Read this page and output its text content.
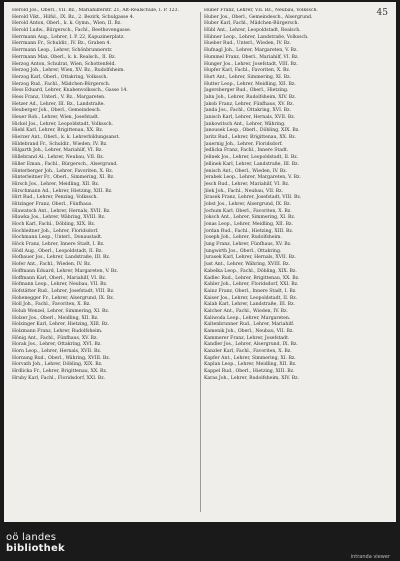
45
Herold Jos., Oberl., VII. Bz., Mariahilferstr. 21, Alt-Realschule, I. P. 123.
Herold Vikt., Hilfsl., IX. Bz., 2. Bezirk, Schulgasse 4.
Herold Anton, Oberl., k. k. Gymn., Wien, II. Bz.
Herold Ludw., Bürgersch., Fachl., Beethovengasse.
Herrmann Aug., Lehrer, I. P. 22, Kapuzinerplatz.
Herrmann Fr., Schuldir., IV. Bz., Graben 4.
Herrmann Leop., Lehrer, Schönbrunnerstr.
Herrmann Max, Oberl., k. k. Realsch., II. Bz.
Herzog Anton, Schulrat, Wien, Schottenfeld.
Herzog Joh., Lehrer, Wien, XV. Bz., Rudolfsheim.
Herzog Karl, Oberl., Ottakring, Volkssch.
Herzog Rud., Fachl., Mädchen-Bürgersch.
Hess Eduard, Lehrer, Knabenvolkssch., Gasse 14.
Hess Franz, Unterl., V. Bz., Margareten.
Hetzer Ad., Lehrer, III. Bz., Landstraße.
Heuberger Joh., Oberl., Gemeindesch.
Heuer Rob., Lehrer, Wien, Josefstadt.
Hickel Jos., Lehrer, Leopoldstadt, Volkssch.
Hiebl Karl, Lehrer, Brigittenau, XX. Bz.
Hierzer Ant., Oberl., k. k. Lehrerbildungsanst.
Hildebrand Fr., Schuldir., Wieden, IV. Bz.
Hilgarth Joh., Lehrer, Mariahilf, VI. Bz.
Hillebrand Al., Lehrer, Neubau, VII. Bz.
Hiller Eman., Fachl., Bürgersch., Alsergrund.
Hinterberger Joh., Lehrer, Favoriten, X. Bz.
Hinterleitner Fr., Oberl., Simmering, XI. Bz.
Hirsch Jos., Lehrer, Meidling, XII. Bz.
Hirschmann Ad., Lehrer, Hietzing, XIII. Bz.
Hirt Rud., Lehrer, Penzing, Volkssch.
Hitzinger Franz, Oberl., Fünfhaus.
Hlawatsch Ant., Lehrer, Hernals, XVII. Bz.
Hlawka Jos., Lehrer, Währing, XVIII. Bz.
Hoch Karl, Fachl., Döbling, XIX. Bz.
Hochleitner Joh., Lehrer, Floridsdorf.
Hochmann Leop., Unterl., Donaustadt.
Höck Franz, Lehrer, Innere Stadt, I. Bz.
Hödl Aug., Oberl., Leopoldstadt, II. Bz.
Hofbauer Jos., Lehrer, Landstraße, III. Bz.
Hofer Ant., Fachl., Wieden, IV. Bz.
Hoffmann Eduard, Lehrer, Margareten, V. Bz.
Hoffmann Karl, Oberl., Mariahilf, VI. Bz.
Hofmann Leop., Lehrer, Neubau, VII. Bz.
Hofstätter Rud., Lehrer, Josefstadt, VIII. Bz.
Hohenegger Fr., Lehrer, Alsergrund, IX. Bz.
Holl Joh., Fachl., Favoriten, X. Bz.
Holub Wenzel, Lehrer, Simmering, XI. Bz.
Holzer Jos., Oberl., Meidling, XII. Bz.
Holzinger Karl, Lehrer, Hietzing, XIII. Bz.
Holzmann Franz, Lehrer, Rudolfsheim.
Hönig Ant., Fachl., Fünfhaus, XV. Bz.
Horak Jos., Lehrer, Ottakring, XVI. Bz.
Horn Leop., Lehrer, Hernals, XVII. Bz.
Hornung Rud., Oberl., Währing, XVIII. Bz.
Horvath Joh., Lehrer, Döbling, XIX. Bz.
Hrdlicka Fr., Lehrer, Brigittenau, XX. Bz.
Hruby Karl, Fachl., Floridsdorf, XXI. Bz.
Huber Franz, Lehrer, VII. Bz., Neubau, Volkssch.
Huber Jos., Oberl., Gemeindesch., Alsergrund.
Huber Karl, Fachl., Mädchen-Bürgersch.
Hübl Ant., Lehrer, Leopoldstadt, Realsch.
Hübner Leop., Lehrer, Landstraße, Volkssch.
Hueber Rud., Unterl., Wieden, IV. Bz.
Hufnagl Joh., Lehrer, Margareten, V. Bz.
Hummel Franz, Oberl., Mariahilf, VI. Bz.
Hunger Jos., Lehrer, Josefstadt, VIII. Bz.
Hupfer Karl, Fachl., Favoriten, X. Bz.
Hurt Ant., Lehrer, Simmering, XI. Bz.
Hutter Leop., Lehrer, Meidling, XII. Bz.
Jagersberger Rud., Oberl., Hietzing.
Jahn Joh., Lehrer, Rudolfsheim, XIV. Bz.
Jakob Franz, Lehrer, Fünfhaus, XV. Bz.
Janda Jos., Fachl., Ottakring, XVI. Bz.
Janisch Karl, Lehrer, Hernals, XVII. Bz.
Jankowitsch Ant., Lehrer, Währing.
Janousek Leop., Oberl., Döbling, XIX. Bz.
Jaritz Rud., Lehrer, Brigittenau, XX. Bz.
Jauernig Joh., Lehrer, Floridsdorf.
Jedlicka Franz, Fachl., Innere Stadt.
Jelinek Jos., Lehrer, Leopoldstadt, II. Bz.
Jellinek Karl, Lehrer, Landstraße, III. Bz.
Jenisch Ant., Oberl., Wieden, IV. Bz.
Jerabek Leop., Lehrer, Margareten, V. Bz.
Jesch Rud., Lehrer, Mariahilf, VI. Bz.
Jilek Joh., Fachl., Neubau, VII. Bz.
Jirasek Franz, Lehrer, Josefstadt, VIII. Bz.
Jobst Jos., Lehrer, Alsergrund, IX. Bz.
Jochum Karl, Oberl., Favoriten, X. Bz.
Joksch Ant., Lehrer, Simmering, XI. Bz.
Jonas Leop., Lehrer, Meidling, XII. Bz.
Jordan Rud., Fachl., Hietzing, XIII. Bz.
Joseph Joh., Lehrer, Rudolfsheim.
Jung Franz, Lehrer, Fünfhaus, XV. Bz.
Jungwirth Jos., Oberl., Ottakring.
Jurasek Karl, Lehrer, Hernals, XVII. Bz.
Just Ant., Lehrer, Währing, XVIII. Bz.
Kabelka Leop., Fachl., Döbling, XIX. Bz.
Kadlec Rud., Lehrer, Brigittenau, XX. Bz.
Kahler Joh., Lehrer, Floridsdorf, XXI. Bz.
Kainz Franz, Oberl., Innere Stadt, I. Bz.
Kaiser Jos., Lehrer, Leopoldstadt, II. Bz.
Kalab Karl, Lehrer, Landstraße, III. Bz.
Kalcher Ant., Fachl., Wieden, IV. Bz.
Kaliwoda Leop., Lehrer, Margareten.
Kaltenbrunner Rud., Lehrer, Mariahilf.
Kamenik Joh., Oberl., Neubau, VII. Bz.
Kammerer Franz, Lehrer, Josefstadt.
Kandler Jos., Lehrer, Alsergrund, IX. Bz.
Kanzler Karl, Fachl., Favoriten, X. Bz.
Kapfer Ant., Lehrer, Simmering, XI. Bz.
Kaplan Leop., Lehrer, Meidling, XII. Bz.
Kappel Rud., Oberl., Hietzing, XIII. Bz.
Karas Joh., Lehrer, Rudolfsheim, XIV. Bz.
oö landes
bibliothek
intranda viewer
